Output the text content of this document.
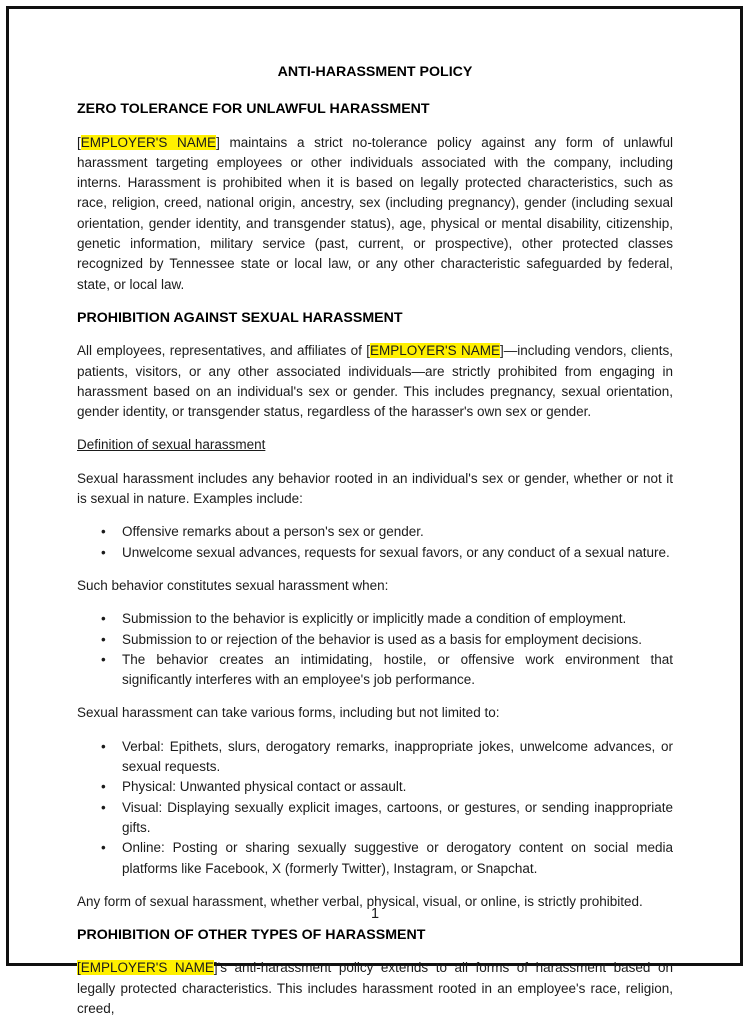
ANTI-HARASSMENT POLICY

ZERO TOLERANCE FOR UNLAWFUL HARASSMENT

[EMPLOYER'S NAME] maintains a strict no-tolerance policy against any form of unlawful harassment targeting employees or other individuals associated with the company, including interns. Harassment is prohibited when it is based on legally protected characteristics, such as race, religion, creed, national origin, ancestry, sex (including pregnancy), gender (including sexual orientation, gender identity, and transgender status), age, physical or mental disability, citizenship, genetic information, military service (past, current, or prospective), other protected classes recognized by Tennessee state or local law, or any other characteristic safeguarded by federal, state, or local law.

PROHIBITION AGAINST SEXUAL HARASSMENT

All employees, representatives, and affiliates of [EMPLOYER'S NAME]—including vendors, clients, patients, visitors, or any other associated individuals—are strictly prohibited from engaging in harassment based on an individual's sex or gender. This includes pregnancy, sexual orientation, gender identity, or transgender status, regardless of the harasser's own sex or gender.

Definition of sexual harassment

Sexual harassment includes any behavior rooted in an individual's sex or gender, whether or not it is sexual in nature. Examples include:

• Offensive remarks about a person's sex or gender.
• Unwelcome sexual advances, requests for sexual favors, or any conduct of a sexual nature.

Such behavior constitutes sexual harassment when:

• Submission to the behavior is explicitly or implicitly made a condition of employment.
• Submission to or rejection of the behavior is used as a basis for employment decisions.
• The behavior creates an intimidating, hostile, or offensive work environment that significantly interferes with an employee's job performance.

Sexual harassment can take various forms, including but not limited to:

• Verbal: Epithets, slurs, derogatory remarks, inappropriate jokes, unwelcome advances, or sexual requests.
• Physical: Unwanted physical contact or assault.
• Visual: Displaying sexually explicit images, cartoons, or gestures, or sending inappropriate gifts.
• Online: Posting or sharing sexually suggestive or derogatory content on social media platforms like Facebook, X (formerly Twitter), Instagram, or Snapchat.

Any form of sexual harassment, whether verbal, physical, visual, or online, is strictly prohibited.

PROHIBITION OF OTHER TYPES OF HARASSMENT

[EMPLOYER'S NAME]'s anti-harassment policy extends to all forms of harassment based on legally protected characteristics. This includes harassment rooted in an employee's race, religion, creed,

1
